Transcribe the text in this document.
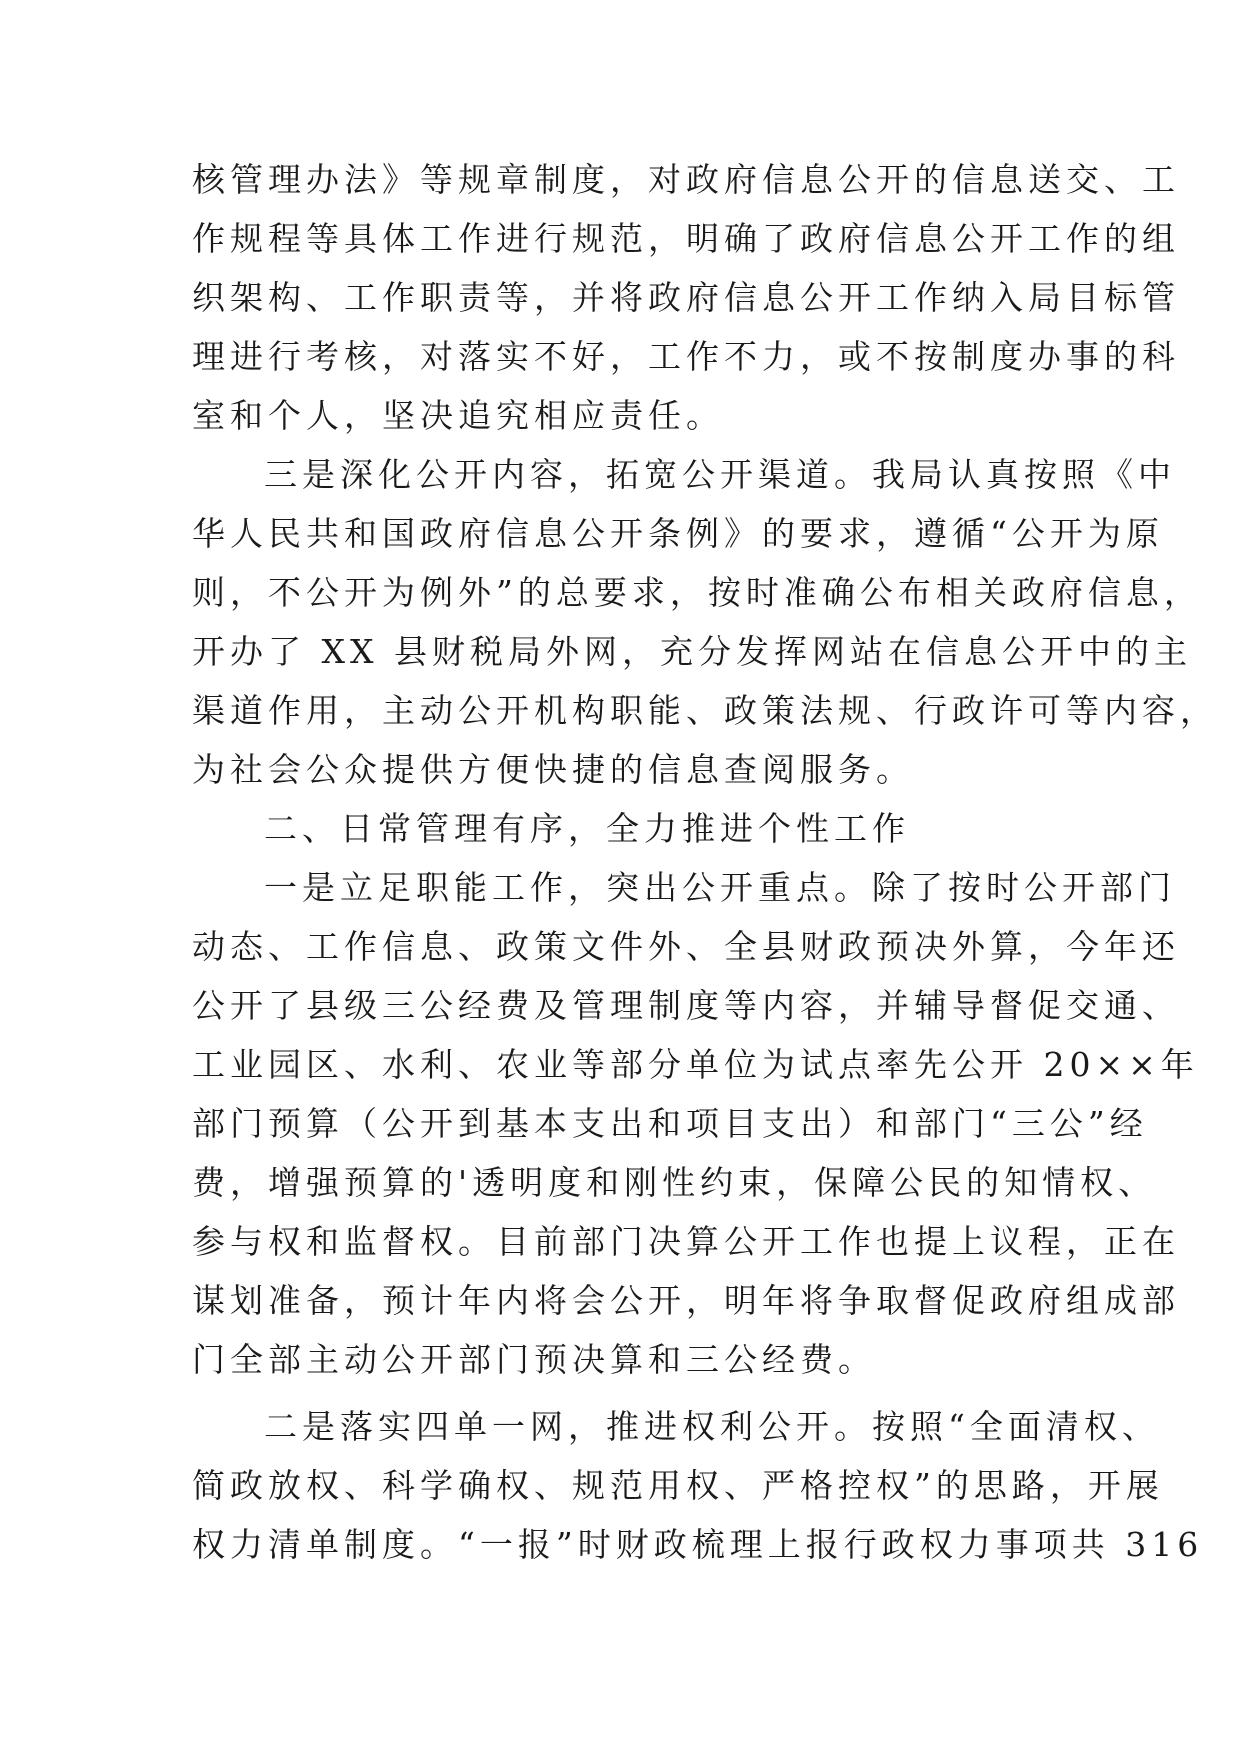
核管理办法》等规章制度，对政府信息公开的信息送交、工
作规程等具体工作进行规范，明确了政府信息公开工作的组
织架构、工作职责等，并将政府信息公开工作纳入局目标管
理进行考核，对落实不好，工作不力，或不按制度办事的科
室和个人，坚决追究相应责任。
三是深化公开内容，拓宽公开渠道。我局认真按照《中
华人民共和国政府信息公开条例》的要求，遵循“公开为原
则，不公开为例外”的总要求，按时准确公布相关政府信息，
开办了 XX 县财税局外网，充分发挥网站在信息公开中的主
渠道作用，主动公开机构职能、政策法规、行政许可等内容，
为社会公众提供方便快捷的信息查阅服务。
二、日常管理有序，全力推进个性工作
一是立足职能工作，突出公开重点。除了按时公开部门
动态、工作信息、政策文件外、全县财政预决外算，今年还
公开了县级三公经费及管理制度等内容，并辅导督促交通、
工业园区、水利、农业等部分单位为试点率先公开 20××年
部门预算（公开到基本支出和项目支出）和部门“三公”经
费，增强预算的'透明度和刚性约束，保障公民的知情权、
参与权和监督权。目前部门决算公开工作也提上议程，正在
谋划准备，预计年内将会公开，明年将争取督促政府组成部
门全部主动公开部门预决算和三公经费。
二是落实四单一网，推进权利公开。按照“全面清权、
简政放权、科学确权、规范用权、严格控权”的思路，开展
权力清单制度。“一报”时财政梳理上报行政权力事项共 316
